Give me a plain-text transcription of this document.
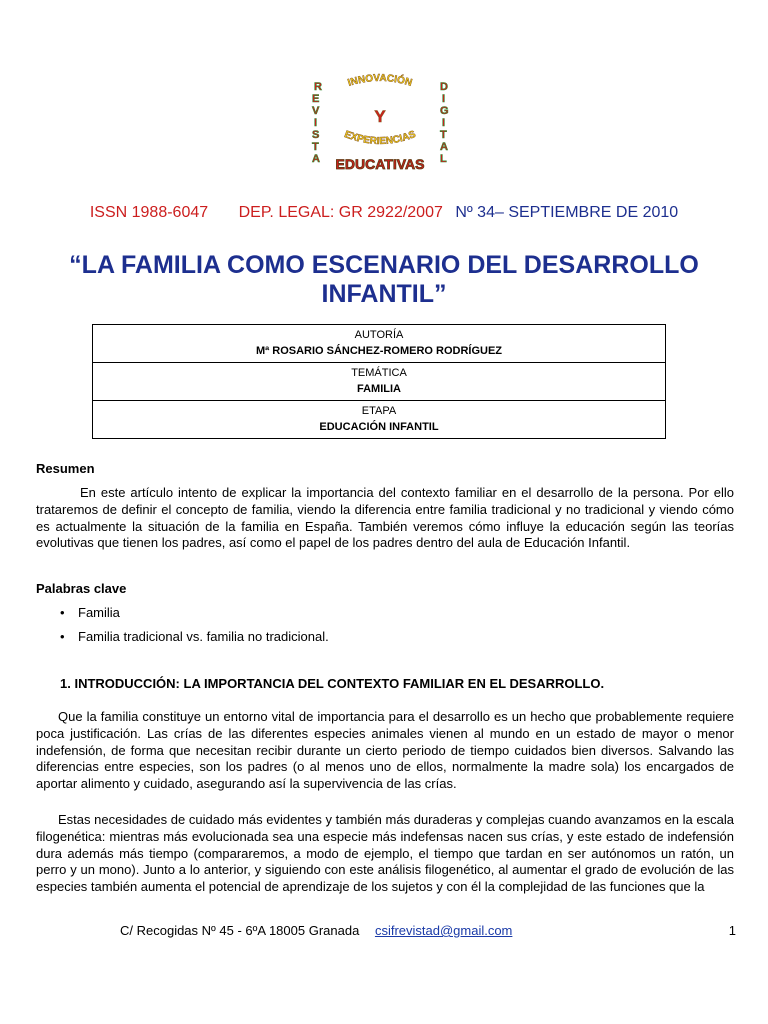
R
E
V
I
S
T
A
D
I
G
I
T
A
L
INNOVACIÓN
Y
EXPERIENCIAS
EDUCATIVAS
ISSN 1988-6047 DEP. LEGAL: GR 2922/2007 Nº 34– SEPTIEMBRE DE 2010
“LA FAMILIA COMO ESCENARIO DEL DESARROLLO INFANTIL”
AUTORÍA
Mª ROSARIO SÁNCHEZ-ROMERO RODRÍGUEZ

TEMÁTICA
FAMILIA

ETAPA
EDUCACIÓN INFANTIL
Resumen

En este artículo intento de explicar la importancia del contexto familiar en el desarrollo de la persona. Por ello trataremos de definir el concepto de familia, viendo la diferencia entre familia tradicional y no tradicional y viendo cómo es actualmente la situación de la familia en España. También veremos cómo influye la educación según las teorías evolutivas que tienen los padres, así como el papel de los padres dentro del aula de Educación Infantil.

Palabras clave
• Familia
• Familia tradicional vs. familia no tradicional.
1. INTRODUCCIÓN: LA IMPORTANCIA DEL CONTEXTO FAMILIAR EN EL DESARROLLO.

Que la familia constituye un entorno vital de importancia para el desarrollo es un hecho que probablemente requiere poca justificación. Las crías de las diferentes especies animales vienen al mundo en un estado de mayor o menor indefensión, de forma que necesitan recibir durante un cierto periodo de tiempo cuidados bien diversos. Salvando las diferencias entre especies, son los padres (o al menos uno de ellos, normalmente la madre sola) los encargados de aportar alimento y cuidado, asegurando así la supervivencia de las crías.

Estas necesidades de cuidado más evidentes y también más duraderas y complejas cuando avanzamos en la escala filogenética: mientras más evolucionada sea una especie más indefensas nacen sus crías, y este estado de indefensión dura además más tiempo (compararemos, a modo de ejemplo, el tiempo que tardan en ser autónomos un ratón, un perro y un mono). Junto a lo anterior, y siguiendo con este análisis filogenético, al aumentar el grado de evolución de las especies también aumenta el potencial de aprendizaje de los sujetos y con él la complejidad de las funciones que la

C/ Recogidas Nº 45 - 6ºA 18005 Granada csifrevistad@gmail.com	1
